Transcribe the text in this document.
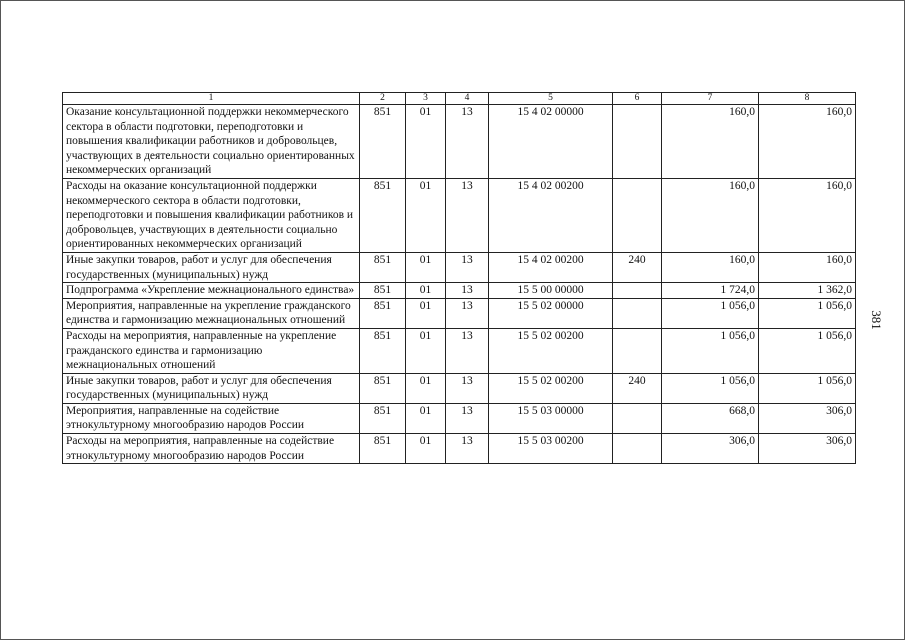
1	2	3	4	5	6	7	8
Оказание консультационной поддержки некоммерческого сектора в области подготовки, переподготовки и повышения квалификации работников и добровольцев, участвующих в деятельности социально ориентированных некоммерческих организаций	851	01	13	15 4 02 00000		160,0	160,0
Расходы на оказание консультационной поддержки некоммерческого сектора в области подготовки, переподготовки и повышения квалификации работников и добровольцев, участвующих в деятельности социально ориентированных некоммерческих организаций	851	01	13	15 4 02 00200		160,0	160,0
Иные закупки товаров, работ и услуг для обеспечения государственных (муниципальных) нужд	851	01	13	15 4 02 00200	240	160,0	160,0
Подпрограмма «Укрепление межнационального единства»	851	01	13	15 5 00 00000		1 724,0	1 362,0
Мероприятия, направленные на укрепление гражданского единства и гармонизацию межнациональных отношений	851	01	13	15 5 02 00000		1 056,0	1 056,0
Расходы на мероприятия, направленные на укрепление гражданского единства и гармонизацию межнациональных отношений	851	01	13	15 5 02 00200		1 056,0	1 056,0
Иные закупки товаров, работ и услуг для обеспечения государственных (муниципальных) нужд	851	01	13	15 5 02 00200	240	1 056,0	1 056,0
Мероприятия, направленные на содействие этнокультурному многообразию народов России	851	01	13	15 5 03 00000		668,0	306,0
Расходы на мероприятия, направленные на содействие этнокультурному многообразию народов России	851	01	13	15 5 03 00200		306,0	306,0
381
